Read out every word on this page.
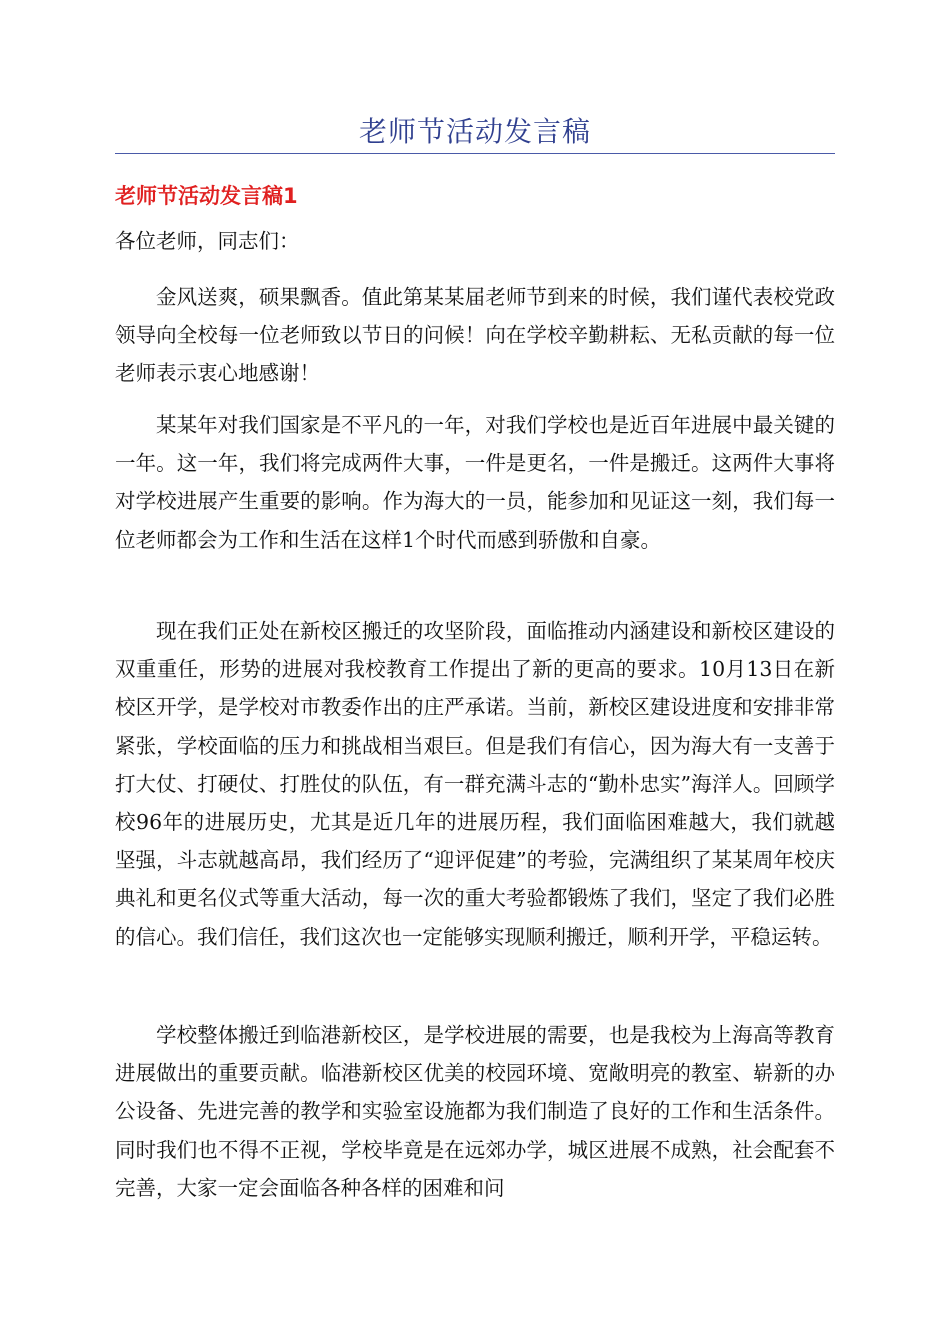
老师节活动发言稿
老师节活动发言稿1
各位老师，同志们：
金风送爽，硕果飘香。值此第某某届老师节到来的时候，我们谨代表校党政领导向全校每一位老师致以节日的问候！向在学校辛勤耕耘、无私贡献的每一位老师表示衷心地感谢！
某某年对我们国家是不平凡的一年，对我们学校也是近百年进展中最关键的一年。这一年，我们将完成两件大事，一件是更名，一件是搬迁。这两件大事将对学校进展产生重要的影响。作为海大的一员，能参加和见证这一刻，我们每一位老师都会为工作和生活在这样1个时代而感到骄傲和自豪。
现在我们正处在新校区搬迁的攻坚阶段，面临推动内涵建设和新校区建设的双重重任，形势的进展对我校教育工作提出了新的更高的要求。10月13日在新校区开学，是学校对市教委作出的庄严承诺。当前，新校区建设进度和安排非常紧张，学校面临的压力和挑战相当艰巨。但是我们有信心，因为海大有一支善于打大仗、打硬仗、打胜仗的队伍，有一群充满斗志的“勤朴忠实”海洋人。回顾学校96年的进展历史，尤其是近几年的进展历程，我们面临困难越大，我们就越坚强，斗志就越高昂，我们经历了“迎评促建”的考验，完满组织了某某周年校庆典礼和更名仪式等重大活动，每一次的重大考验都锻炼了我们，坚定了我们必胜的信心。我们信任，我们这次也一定能够实现顺利搬迁，顺利开学，平稳运转。
学校整体搬迁到临港新校区，是学校进展的需要，也是我校为上海高等教育进展做出的重要贡献。临港新校区优美的校园环境、宽敞明亮的教室、崭新的办公设备、先进完善的教学和实验室设施都为我们制造了良好的工作和生活条件。同时我们也不得不正视，学校毕竟是在远郊办学，城区进展不成熟，社会配套不完善，大家一定会面临各种各样的困难和问
